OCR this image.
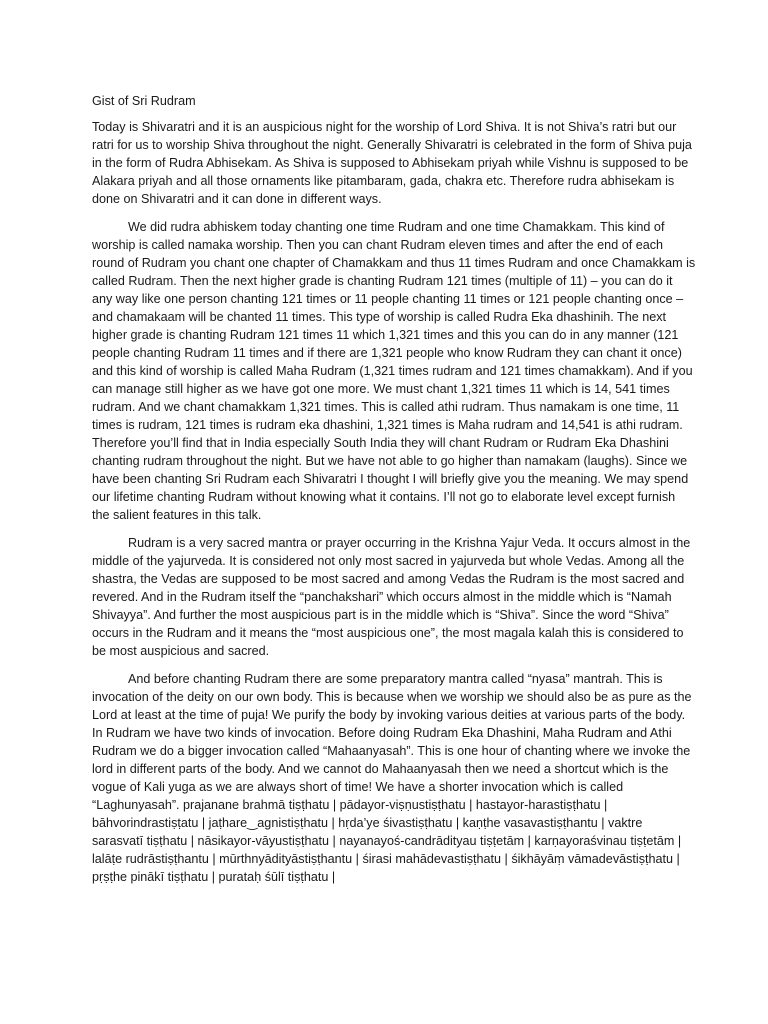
Gist of Sri Rudram

Today is Shivaratri and it is an auspicious night for the worship of Lord Shiva. It is not Shiva’s ratri but our ratri for us to worship Shiva throughout the night. Generally Shivaratri is celebrated in the form of Shiva puja in the form of Rudra Abhisekam. As Shiva is supposed to Abhisekam priyah while Vishnu is supposed to be Alakara priyah and all those ornaments like pitambaram, gada, chakra etc. Therefore rudra abhisekam is done on Shivaratri and it can done in different ways.

We did rudra abhiskem today chanting one time Rudram and one time Chamakkam. This kind of worship is called namaka worship. Then you can chant Rudram eleven times and after the end of each round of Rudram you chant one chapter of Chamakkam and thus 11 times Rudram and once Chamakkam is called Rudram. Then the next higher grade is chanting Rudram 121 times (multiple of 11) – you can do it any way like one person chanting 121 times or 11 people chanting 11 times or 121 people chanting once – and chamakaam will be chanted 11 times. This type of worship is called Rudra Eka dhashinih. The next higher grade is chanting Rudram 121 times 11 which 1,321 times and this you can do in any manner (121 people chanting Rudram 11 times and if there are 1,321 people who know Rudram they can chant it once) and this kind of worship is called Maha Rudram (1,321 times rudram and 121 times chamakkam). And if you can manage still higher as we have got one more. We must chant 1,321 times 11 which is 14, 541 times rudram. And we chant chamakkam 1,321 times. This is called athi rudram. Thus namakam is one time, 11 times is rudram, 121 times is rudram eka dhashini, 1,321 times is Maha rudram and 14,541 is athi rudram. Therefore you’ll find that in India especially South India they will chant Rudram or Rudram Eka Dhashini chanting rudram throughout the night. But we have not able to go higher than namakam (laughs). Since we have been chanting Sri Rudram each Shivaratri I thought I will briefly give you the meaning. We may spend our lifetime chanting Rudram without knowing what it contains. I’ll not go to elaborate level except furnish the salient features in this talk.

Rudram is a very sacred mantra or prayer occurring in the Krishna Yajur Veda. It occurs almost in the middle of the yajurveda. It is considered not only most sacred in yajurveda but whole Vedas. Among all the shastra, the Vedas are supposed to be most sacred and among Vedas the Rudram is the most sacred and revered. And in the Rudram itself the “panchakshari” which occurs almost in the middle which is “Namah Shivayya”. And further the most auspicious part is in the middle which is “Shiva”. Since the word “Shiva” occurs in the Rudram and it means the “most auspicious one”, the most magala kalah this is considered to be most auspicious and sacred.

And before chanting Rudram there are some preparatory mantra called “nyasa” mantrah. This is invocation of the deity on our own body. This is because when we worship we should also be as pure as the Lord at least at the time of puja! We purify the body by invoking various deities at various parts of the body. In Rudram we have two kinds of invocation. Before doing Rudram Eka Dhashini, Maha Rudram and Athi Rudram we do a bigger invocation called “Mahaanyasah”. This is one hour of chanting where we invoke the lord in different parts of the body. And we cannot do Mahaanyasah then we need a shortcut which is the vogue of Kali yuga as we are always short of time! We have a shorter invocation which is called “Laghunyasah”. prajanane brahmā tiṣṭhatu | pādayor-viṣṇustiṣṭhatu | hastayor-harastiṣṭhatu | bāhvorindrastiṣṭatu | jaṭhare‿agnistiṣṭhatu | hṛda’ye śivastiṣṭhatu | kaṇṭhe vasavastiṣṭhantu | vaktre sarasvatī tiṣṭhatu | nāsikayor-vāyustiṣṭhatu | nayanayoś-candrādityau tiṣṭetām | karṇayoraśvinau tiṣṭetām | lalāṭe rudrāstiṣṭhantu | mūrthnyādityāstiṣṭhantu | śirasi mahādevastiṣṭhatu | śikhāyāṃ vāmadevāstiṣṭhatu | pṛṣṭhe pinākī tiṣṭhatu | purataḥ śūlī tiṣṭhatu |
